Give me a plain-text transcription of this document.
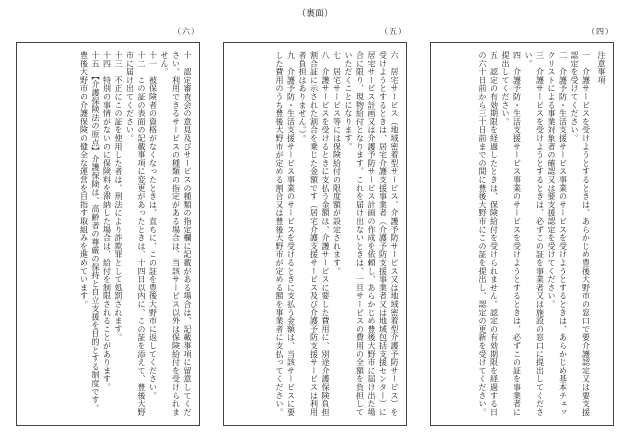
（裏面）
（四）

注意事項

一　介護サービスを受けようとするときは、あらかじめ豊後大野市の窓口で要介護認定又は要支援認定を受けてください。

二　介護予防・生活支援サービス事業のサービスを受けようとするときは、あらかじめ基本チェックリストによる事業対象者の確認又は要支援認定を受けてください。

三　介護サービスを受けようとするときは、必ずこの証を事業者又は施設の窓口に提出してください。

四　介護予防・生活支援サービス事業のサービスを受けようとするときは、必ずこの証を事業者に提出してください。

五　認定の有効期限を経過したときは、保険給付を受けられません。認定の有効期限を経過する日の六十日前から三十日前までの間に豊後大野市にこの証を提出し、認定の更新を受けてください。

（五）

六　居宅サービス（地域密着型サービス、介護予防サービス又は地域密着型介護予防サービス）を受けようとするときは、居宅介護支援事業者（介護予防支援事業者又は地域包括支援センター）に居宅サービス計画又は介護予防サービス計画の作成を依頼し、あらかじめ豊後大野市に届け出た場合に限り、現物給付となります。これを届け出ないときは、一旦サービスの費用の全額を負担していただくことになります。

七　居宅サービス等には保険給付の限度額が設定されます。

八　介護サービスを受けるときに支払う金額は、介護サービスに要した費用に、別途介護保険負担割合証に示された割合を乗じた金額です（居宅介護支援サービス及び介護予防支援サービスは利用者負担はありません。）。

九　介護予防・生活支援サービス事業のサービスを受けるときに支払う金額は、当該サービスに要した費用のうち豊後大野市が定める割合又は豊後大野市が定める額を事業者に支払ってください。

（六）

十　認定審査会の意見及びサービスの種類の指定欄に記載がある場合は、記載事項に留意してください。利用できるサービスの種類の指定がある場合は、当該サービス以外は保険給付を受けられません。

十一　被保険者の資格がなくなったときは、直ちに、この証を豊後大野市に返してください。

十二　この証の表面の記載事項に変更があったときは、十四日以内に、この証を添えて、豊後大野市に届け出てください。

十三　不正にこの証を使用した者は、刑法により詐欺罪として処罰されます。

十四　特別の事情がないのに保険料を滞納した場合は、給付を制限されることがあります。

十五　【介護保険法の原点】介護保険は、高齢者の尊厳の保持と自立支援を目的とする制度です。豊後大野市の介護保険の健全な運営を目指す取組みを進めています。
